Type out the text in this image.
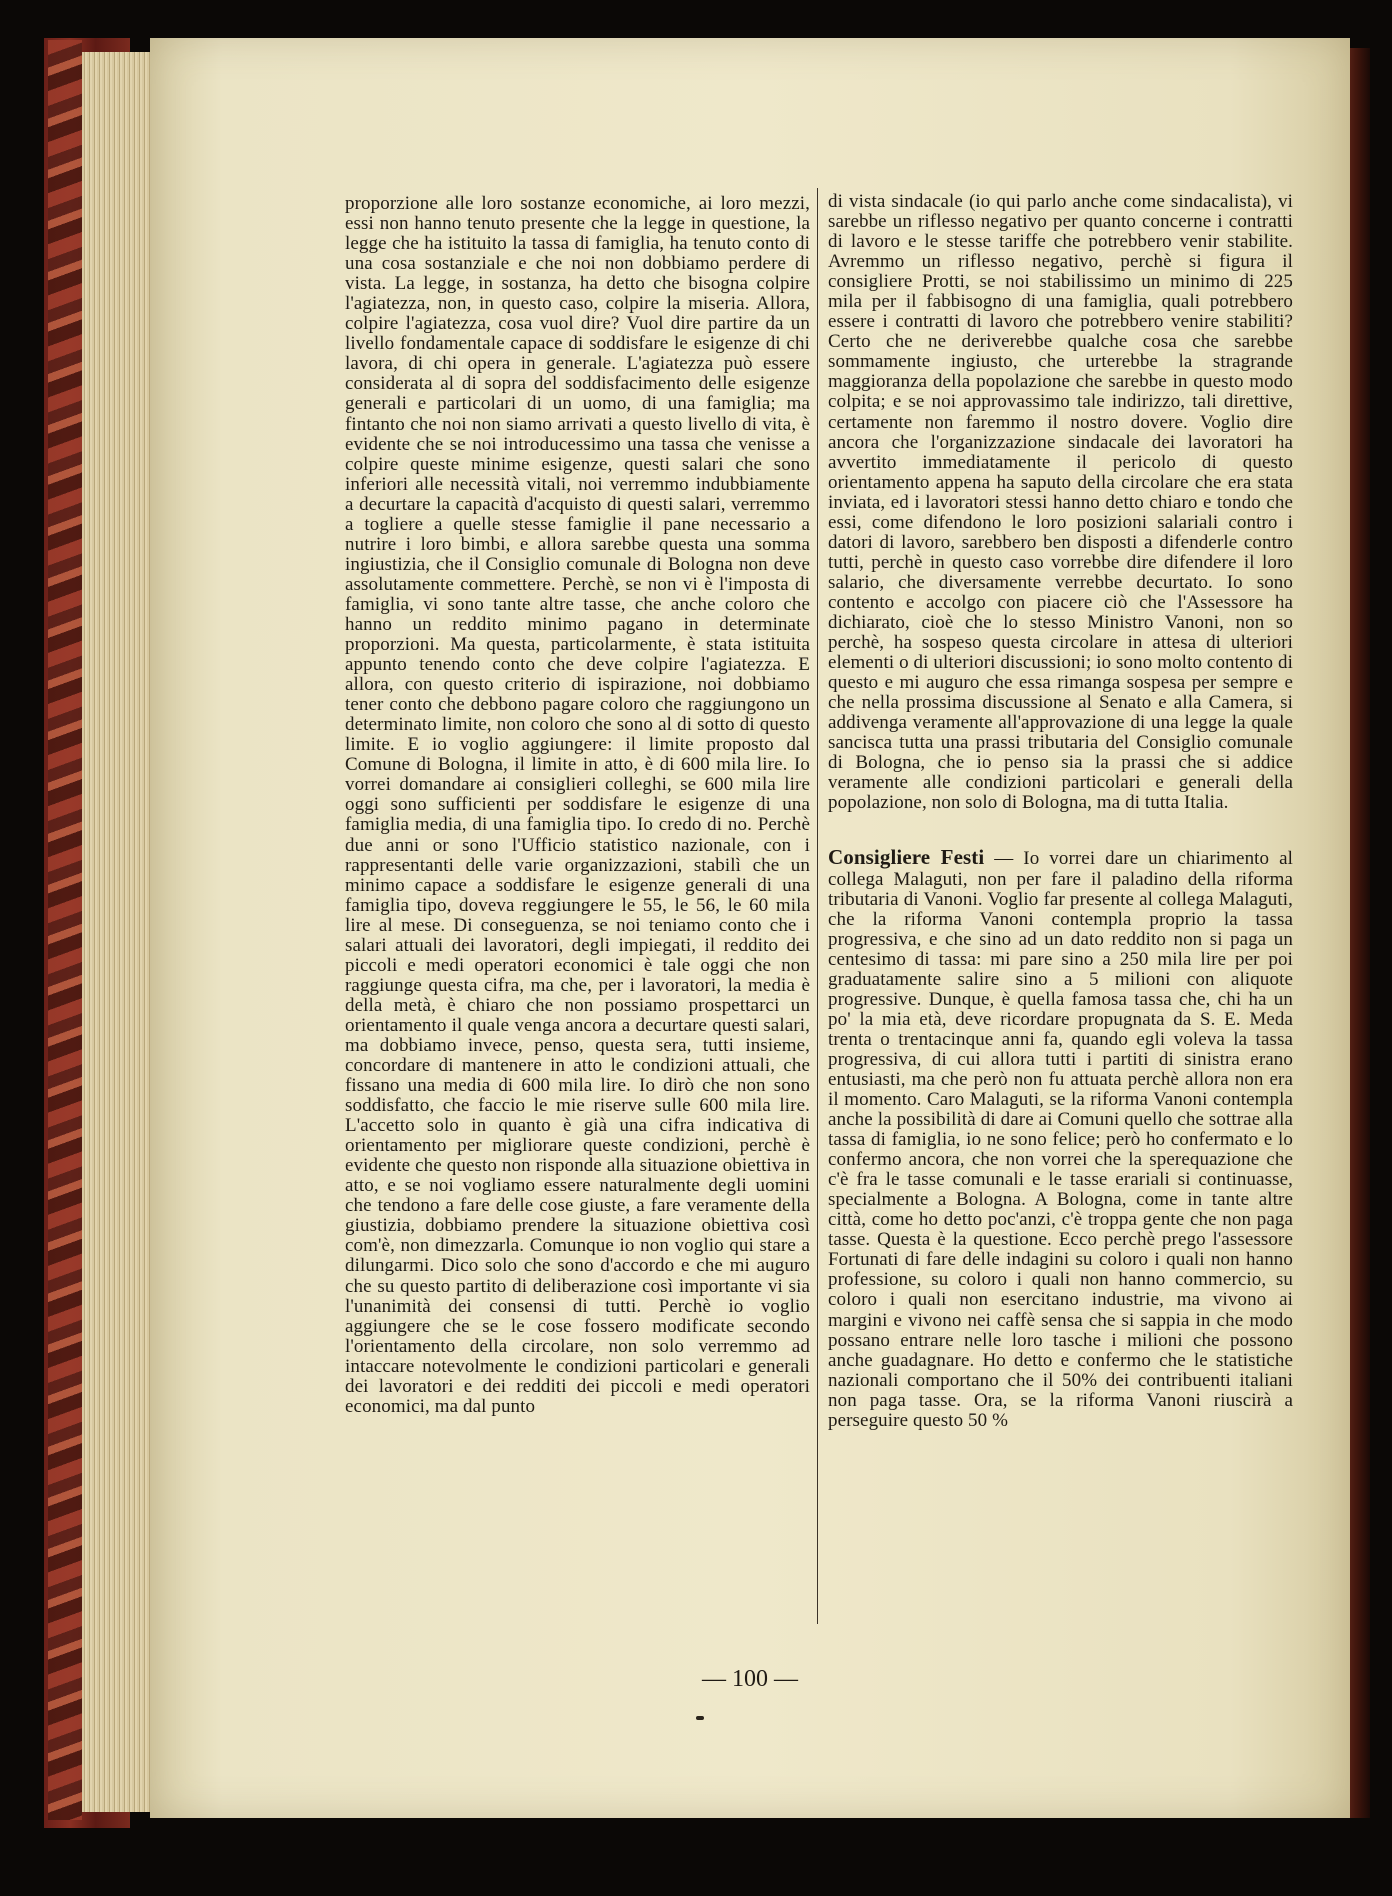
proporzione alle loro sostanze economiche, ai loro mezzi, essi non hanno tenuto presente che la legge in questione, la legge che ha istituito la tassa di famiglia, ha tenuto conto di una cosa sostanziale e che noi non dobbiamo perdere di vista. La legge, in sostanza, ha detto che bisogna colpire l'agiatezza, non, in questo caso, colpire la miseria. Allora, colpire l'agiatezza, cosa vuol dire? Vuol dire partire da un livello fondamentale capace di soddisfare le esigenze di chi lavora, di chi opera in generale. L'agiatezza può essere considerata al di sopra del soddisfacimento delle esigenze generali e particolari di un uomo, di una famiglia; ma fintanto che noi non siamo arrivati a questo livello di vita, è evidente che se noi introducessimo una tassa che venisse a colpire queste minime esigenze, questi salari che sono inferiori alle necessità vitali, noi verremmo indubbiamente a decurtare la capacità d'acquisto di questi salari, verremmo a togliere a quelle stesse famiglie il pane necessario a nutrire i loro bimbi, e allora sarebbe questa una somma ingiustizia, che il Consiglio comunale di Bologna non deve assolutamente commettere. Perchè, se non vi è l'imposta di famiglia, vi sono tante altre tasse, che anche coloro che hanno un reddito minimo pagano in determinate proporzioni. Ma questa, particolarmente, è stata istituita appunto tenendo conto che deve colpire l'agiatezza. E allora, con questo criterio di ispirazione, noi dobbiamo tener conto che debbono pagare coloro che raggiungono un determinato limite, non coloro che sono al di sotto di questo limite. E io voglio aggiungere: il limite proposto dal Comune di Bologna, il limite in atto, è di 600 mila lire. Io vorrei domandare ai consiglieri colleghi, se 600 mila lire oggi sono sufficienti per soddisfare le esigenze di una famiglia media, di una famiglia tipo. Io credo di no. Perchè due anni or sono l'Ufficio statistico nazionale, con i rappresentanti delle varie organizzazioni, stabilì che un minimo capace a soddisfare le esigenze generali di una famiglia tipo, doveva reggiungere le 55, le 56, le 60 mila lire al mese. Di conseguenza, se noi teniamo conto che i salari attuali dei lavoratori, degli impiegati, il reddito dei piccoli e medi operatori economici è tale oggi che non raggiunge questa cifra, ma che, per i lavoratori, la media è della metà, è chiaro che non possiamo prospettarci un orientamento il quale venga ancora a decurtare questi salari, ma dobbiamo invece, penso, questa sera, tutti insieme, concordare di mantenere in atto le condizioni attuali, che fissano una media di 600 mila lire. Io dirò che non sono soddisfatto, che faccio le mie riserve sulle 600 mila lire. L'accetto solo in quanto è già una cifra indicativa di orientamento per migliorare queste condizioni, perchè è evidente che questo non risponde alla situazione obiettiva in atto, e se noi vogliamo essere naturalmente degli uomini che tendono a fare delle cose giuste, a fare veramente della giustizia, dobbiamo prendere la situazione obiettiva così com'è, non dimezzarla. Comunque io non voglio qui stare a dilungarmi. Dico solo che sono d'accordo e che mi auguro che su questo partito di deliberazione così importante vi sia l'unanimità dei consensi di tutti. Perchè io voglio aggiungere che se le cose fossero modificate secondo l'orientamento della circolare, non solo verremmo ad intaccare notevolmente le condizioni particolari e generali dei lavoratori e dei redditi dei piccoli e medi operatori economici, ma dal punto

di vista sindacale (io qui parlo anche come sindacalista), vi sarebbe un riflesso negativo per quanto concerne i contratti di lavoro e le stesse tariffe che potrebbero venir stabilite. Avremmo un riflesso negativo, perchè si figura il consigliere Protti, se noi stabilissimo un minimo di 225 mila per il fabbisogno di una famiglia, quali potrebbero essere i contratti di lavoro che potrebbero venire stabiliti? Certo che ne deriverebbe qualche cosa che sarebbe sommamente ingiusto, che urterebbe la stragrande maggioranza della popolazione che sarebbe in questo modo colpita; e se noi approvassimo tale indirizzo, tali direttive, certamente non faremmo il nostro dovere. Voglio dire ancora che l'organizzazione sindacale dei lavoratori ha avvertito immediatamente il pericolo di questo orientamento appena ha saputo della circolare che era stata inviata, ed i lavoratori stessi hanno detto chiaro e tondo che essi, come difendono le loro posizioni salariali contro i datori di lavoro, sarebbero ben disposti a difenderle contro tutti, perchè in questo caso vorrebbe dire difendere il loro salario, che diversamente verrebbe decurtato. Io sono contento e accolgo con piacere ciò che l'Assessore ha dichiarato, cioè che lo stesso Ministro Vanoni, non so perchè, ha sospeso questa circolare in attesa di ulteriori elementi o di ulteriori discussioni; io sono molto contento di questo e mi auguro che essa rimanga sospesa per sempre e che nella prossima discussione al Senato e alla Camera, si addivenga veramente all'approvazione di una legge la quale sancisca tutta una prassi tributaria del Consiglio comunale di Bologna, che io penso sia la prassi che si addice veramente alle condizioni particolari e generali della popolazione, non solo di Bologna, ma di tutta Italia.

Consigliere Festi — Io vorrei dare un chiarimento al collega Malaguti, non per fare il paladino della riforma tributaria di Vanoni. Voglio far presente al collega Malaguti, che la riforma Vanoni contempla proprio la tassa progressiva, e che sino ad un dato reddito non si paga un centesimo di tassa: mi pare sino a 250 mila lire per poi graduatamente salire sino a 5 milioni con aliquote progressive. Dunque, è quella famosa tassa che, chi ha un po' la mia età, deve ricordare propugnata da S. E. Meda trenta o trentacinque anni fa, quando egli voleva la tassa progressiva, di cui allora tutti i partiti di sinistra erano entusiasti, ma che però non fu attuata perchè allora non era il momento. Caro Malaguti, se la riforma Vanoni contempla anche la possibilità di dare ai Comuni quello che sottrae alla tassa di famiglia, io ne sono felice; però ho confermato e lo confermo ancora, che non vorrei che la sperequazione che c'è fra le tasse comunali e le tasse erariali si continuasse, specialmente a Bologna. A Bologna, come in tante altre città, come ho detto poc'anzi, c'è troppa gente che non paga tasse. Questa è la questione. Ecco perchè prego l'assessore Fortunati di fare delle indagini su coloro i quali non hanno professione, su coloro i quali non hanno commercio, su coloro i quali non esercitano industrie, ma vivono ai margini e vivono nei caffè sensa che si sappia in che modo possano entrare nelle loro tasche i milioni che possono anche guadagnare. Ho detto e confermo che le statistiche nazionali comportano che il 50% dei contribuenti italiani non paga tasse. Ora, se la riforma Vanoni riuscirà a perseguire questo 50 %

— 100 —
